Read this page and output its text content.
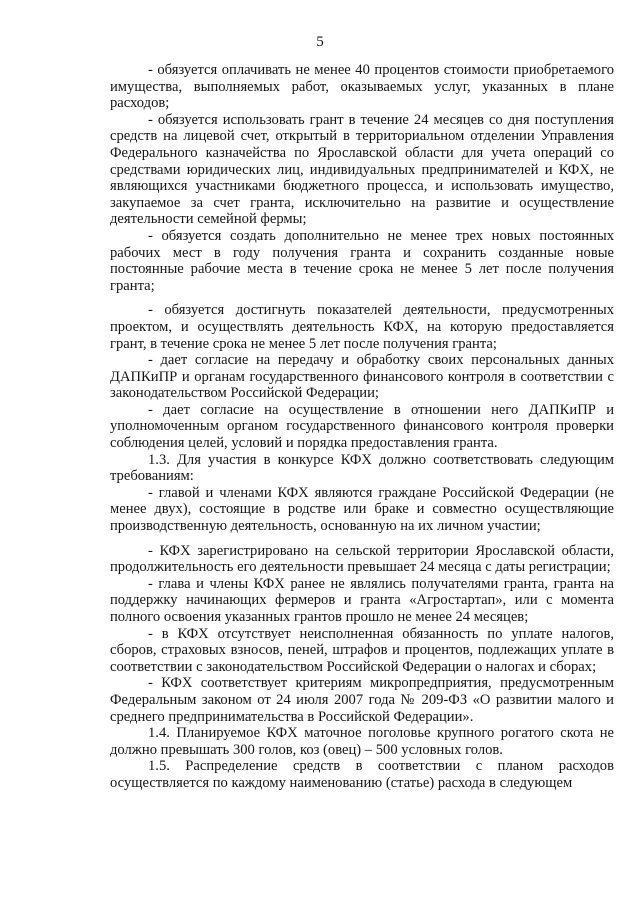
5

- обязуется оплачивать не менее 40 процентов стоимости приобретаемого имущества, выполняемых работ, оказываемых услуг, указанных в плане расходов;

- обязуется использовать грант в течение 24 месяцев со дня поступления средств на лицевой счет, открытый в территориальном отделении Управления Федерального казначейства по Ярославской области для учета операций со средствами юридических лиц, индивидуальных предпринимателей и КФХ, не являющихся участниками бюджетного процесса, и использовать имущество, закупаемое за счет гранта, исключительно на развитие и осуществление деятельности семейной фермы;

- обязуется создать дополнительно не менее трех новых постоянных рабочих мест в году получения гранта и сохранить созданные новые постоянные рабочие места в течение срока не менее 5 лет после получения гранта;

- обязуется достигнуть показателей деятельности, предусмотренных проектом, и осуществлять деятельность КФХ, на которую предоставляется грант, в течение срока не менее 5 лет после получения гранта;

- дает согласие на передачу и обработку своих персональных данных ДАПКиПР и органам государственного финансового контроля в соответствии с законодательством Российской Федерации;

- дает согласие на осуществление в отношении него ДАПКиПР и уполномоченным органом государственного финансового контроля проверки соблюдения целей, условий и порядка предоставления гранта.

1.3. Для участия в конкурсе КФХ должно соответствовать следующим требованиям:

- главой и членами КФХ являются граждане Российской Федерации (не менее двух), состоящие в родстве или браке и совместно осуществляющие производственную деятельность, основанную на их личном участии;

- КФХ зарегистрировано на сельской территории Ярославской области, продолжительность его деятельности превышает 24 месяца с даты регистрации;

- глава и члены КФХ ранее не являлись получателями гранта, гранта на поддержку начинающих фермеров и гранта «Агростартап», или с момента полного освоения указанных грантов прошло не менее 24 месяцев;

- в КФХ отсутствует неисполненная обязанность по уплате налогов, сборов, страховых взносов, пеней, штрафов и процентов, подлежащих уплате в соответствии с законодательством Российской Федерации о налогах и сборах;

- КФХ соответствует критериям микропредприятия, предусмотренным Федеральным законом от 24 июля 2007 года № 209-ФЗ «О развитии малого и среднего предпринимательства в Российской Федерации».

1.4. Планируемое КФХ маточное поголовье крупного рогатого скота не должно превышать 300 голов, коз (овец) – 500 условных голов.

1.5. Распределение средств в соответствии с планом расходов осуществляется по каждому наименованию (статье) расхода в следующем
